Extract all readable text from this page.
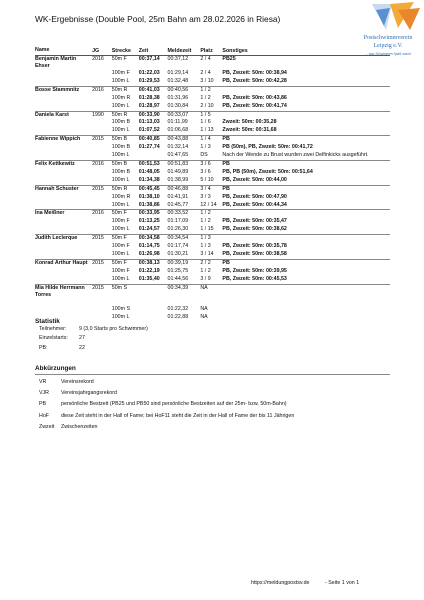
WK-Ergebnisse (Double Pool, 25m Bahn am 28.02.2026 in Riesa)
Postschwimmverein
Leipzig e.V.
... was Schwimmen Spaß macht
Name	JG	Strecke	Zeit	Meldezeit	Platz	Sonstiges
Benjamin Martin Ehser	2016	50m F	00:37,14	00:37,12	2 / 4	PB25
		100m F	01:22,03	01:29,14	2 / 4	PB, Zwzeit: 50m: 00:38,94
		100m L	01:29,53	01:32,48	3 / 10	PB, Zwzeit: 50m: 00:42,28
Bosse Stammnitz	2016	50m R	00:41,03	00:40,56	1 / 2	
		100m R	01:28,38	01:31,96	1 / 2	PB, Zwzeit: 50m: 00:43,86
		100m L	01:28,97	01:30,84	2 / 10	PB, Zwzeit: 50m: 00:41,74
Daniela Karst	1990	50m R	00:33,90	00:33,07	1 / 5	
		100m B	01:13,03	01:11,99	1 / 6	Zwzeit: 50m: 00:35,28
		100m L	01:07,52	01:06,68	1 / 13	Zwzeit: 50m: 00:31,68
Fabienne Wippich	2015	50m B	00:40,85	00:43,88	1 / 4	PB
		100m B	01:27,74	01:32,14	1 / 3	PB (50m), PB, Zwzeit: 50m: 00:41,72
		100m L		01:47,65	DS	Nach der Wende zu Brust wurden zwei Delfinkicks ausgeführt.
Felix Kettkewitz	2016	50m B	00:51,53	00:51,83	3 / 6	PB
		100m B	01:48,05	01:49,89	3 / 6	PB, PB (50m), Zwzeit: 50m: 00:51,64
		100m L	01:34,38	01:38,99	5 / 10	PB, Zwzeit: 50m: 00:44,00
Hannah Schuster	2015	50m R	00:45,45	00:46,88	3 / 4	PB
		100m R	01:38,10	01:41,91	3 / 3	PB, Zwzeit: 50m: 00:47,90
		100m L	01:38,86	01:45,77	12 / 14	PB, Zwzeit: 50m: 00:44,34
Ina Meißner	2016	50m F	00:33,95	00:33,52	1 / 2	
		100m F	01:13,25	01:17,09	1 / 2	PB, Zwzeit: 50m: 00:35,47
		100m L	01:24,57	01:26,30	1 / 15	PB, Zwzeit: 50m: 00:38,62
Judith Leclerque	2015	50m F	00:34,58	00:34,54	1 / 3	
		100m F	01:14,75	01:17,74	1 / 3	PB, Zwzeit: 50m: 00:35,78
		100m L	01:26,98	01:30,21	3 / 14	PB, Zwzeit: 50m: 00:38,58
Konrad Arthur Haupt	2015	50m F	00:38,13	00:39,19	2 / 2	PB
		100m F	01:22,19	01:25,75	1 / 2	PB, Zwzeit: 50m: 00:39,95
		100m L	01:35,40	01:44,56	3 / 9	PB, Zwzeit: 50m: 00:45,53
Mia Hilde Herrmann Torres	2015	50m S		00:34,39	NA	

		100m S		01:22,32	NA	
		100m L		01:22,88	NA	
Statistik
Teilnehmer:	9 (3,0 Starts pro Schwimmer)
Einzelstarts:	27
PB:	22
Abkürzungen
VR	Vereinsrekord
VJR	Vereinsjahrgangsrekord
PB	persönliche Bestzeit (PB25 und PB50 sind persönliche Bestzeiten auf der 25m- bzw. 50m-Bahn)
HoF	diese Zeit steht in der Hall of Fame; bei HoF11 steht die Zeit in der Hall of Fame der bis 11 Jährigen
Zwzeit	Zwischenzeiten
https://meldungpostsv.de	- Seite 1 von 1
